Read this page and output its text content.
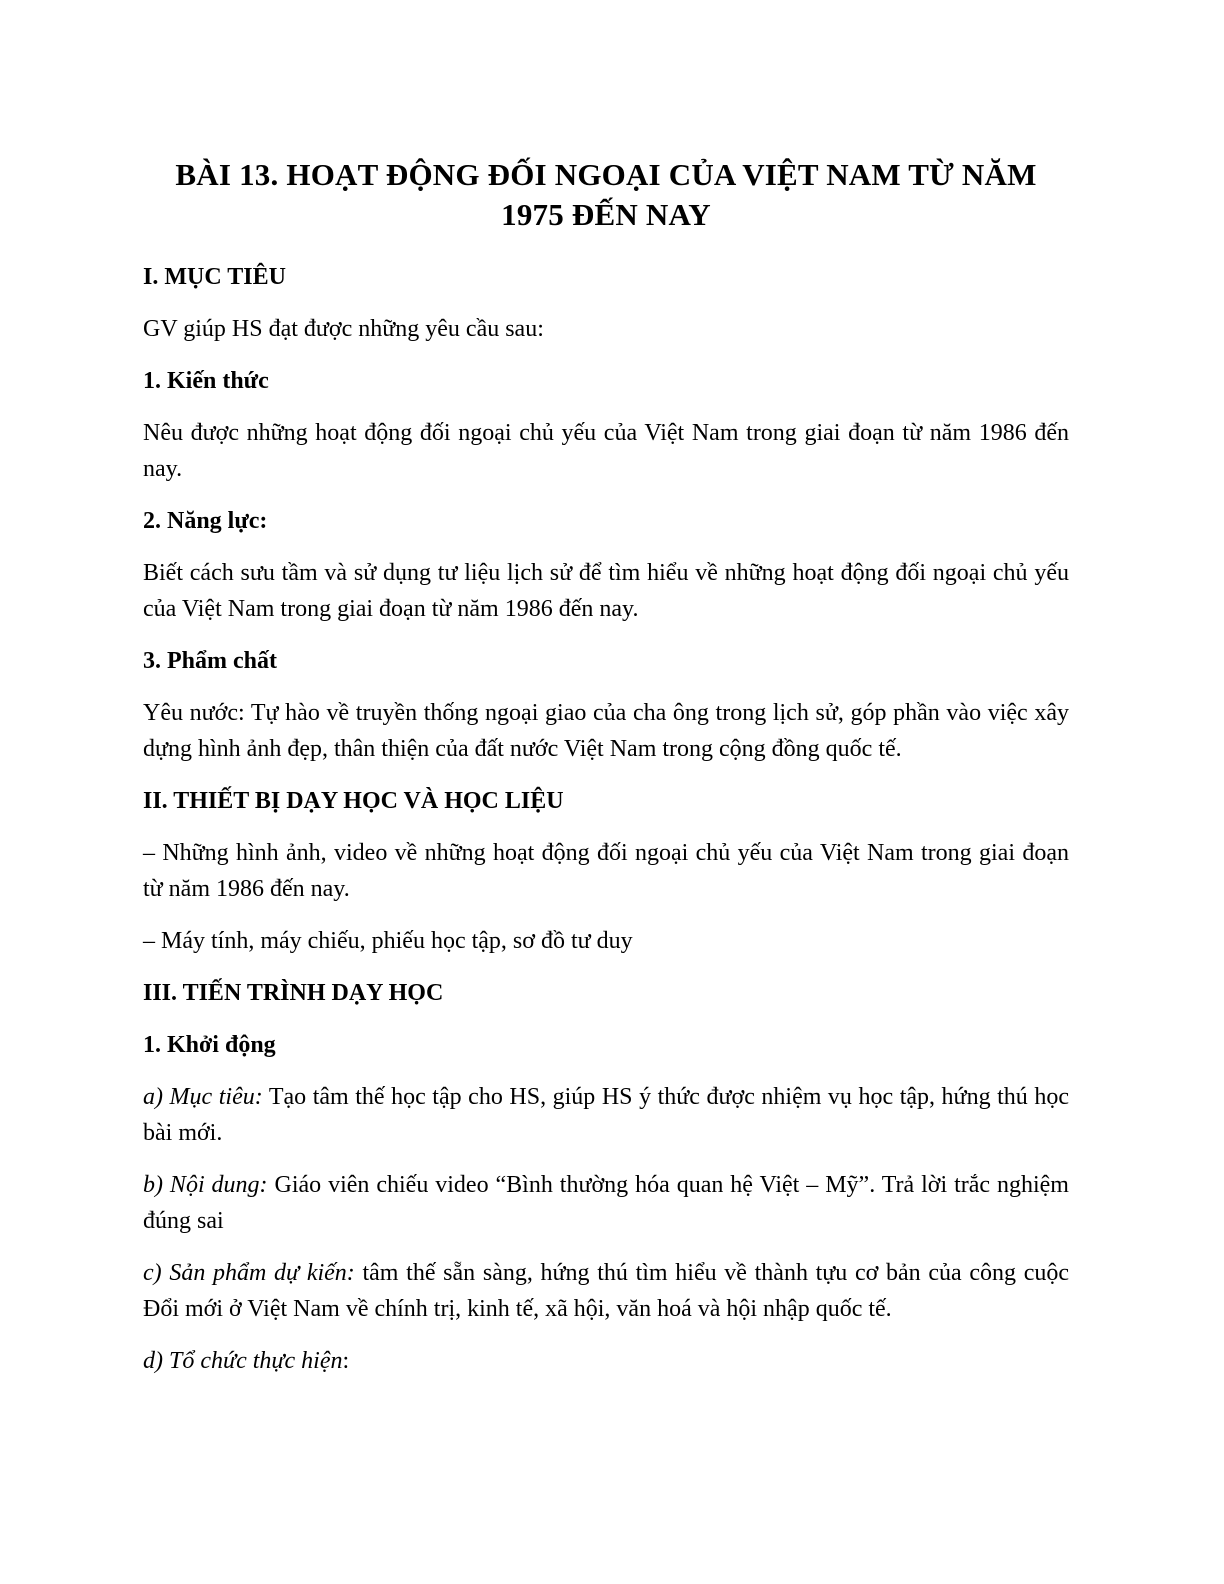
BÀI 13. HOẠT ĐỘNG ĐỐI NGOẠI CỦA VIỆT NAM TỪ NĂM
1975 ĐẾN NAY
I. MỤC TIÊU
GV giúp HS đạt được những yêu cầu sau:
1. Kiến thức
Nêu được những hoạt động đối ngoại chủ yếu của Việt Nam trong giai đoạn từ năm 1986 đến nay.
2. Năng lực:
Biết cách sưu tầm và sử dụng tư liệu lịch sử để tìm hiểu về những hoạt động đối ngoại chủ yếu của Việt Nam trong giai đoạn từ năm 1986 đến nay.
3. Phẩm chất
Yêu nước: Tự hào về truyền thống ngoại giao của cha ông trong lịch sử, góp phần vào việc xây dựng hình ảnh đẹp, thân thiện của đất nước Việt Nam trong cộng đồng quốc tế.
II. THIẾT BỊ DẠY HỌC VÀ HỌC LIỆU
– Những hình ảnh, video về những hoạt động đối ngoại chủ yếu của Việt Nam trong giai đoạn từ năm 1986 đến nay.
– Máy tính, máy chiếu, phiếu học tập, sơ đồ tư duy
III. TIẾN TRÌNH DẠY HỌC
1. Khởi động
a) Mục tiêu: Tạo tâm thế học tập cho HS, giúp HS ý thức được nhiệm vụ học tập, hứng thú học bài mới.
b) Nội dung: Giáo viên chiếu video “Bình thường hóa quan hệ Việt – Mỹ”. Trả lời trắc nghiệm đúng sai
c) Sản phẩm dự kiến: tâm thế sẵn sàng, hứng thú tìm hiểu về thành tựu cơ bản của công cuộc Đổi mới ở Việt Nam về chính trị, kinh tế, xã hội, văn hoá và hội nhập quốc tế.
d) Tổ chức thực hiện:
